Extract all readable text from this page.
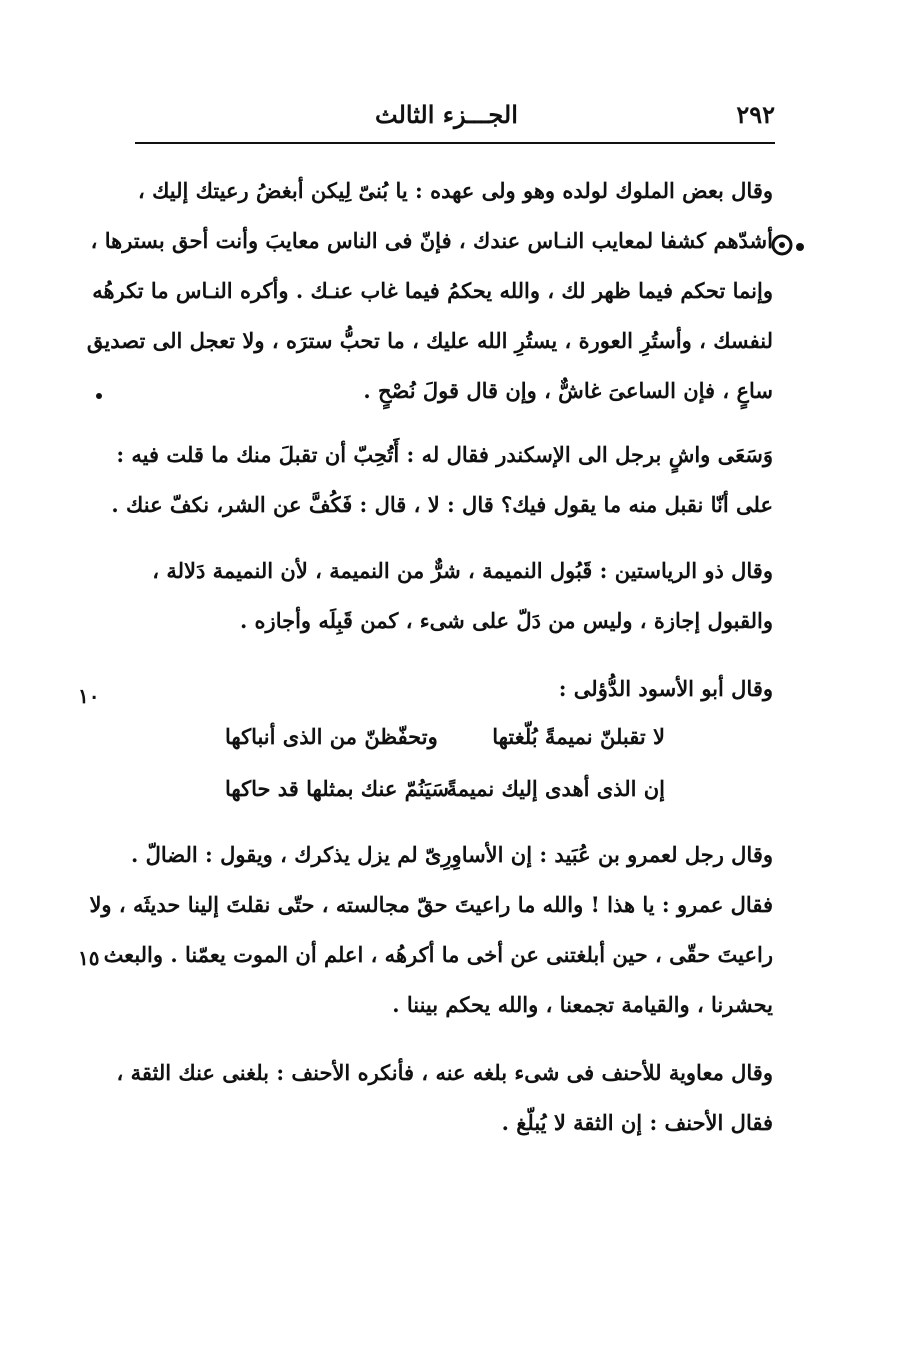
٢٩٢
الجـــزء الثالث
وقال بعض الملوك لولده وهو ولى عهده : يا بُنىّ لِيكن أبغضُ رعيتك إليك ،
أشدّهم كشفا لمعايب النـاس عندك ، فإنّ فى الناس معايبَ وأنت أحق بسترها ،
وإنما تحكم فيما ظهر لك ، والله يحكمُ فيما غاب عنـك . وأكره النـاس ما تكرهُه
لنفسك ، وأستُرِ العورة ، يستُرِ الله عليك ، ما تحبُّ سترَه ، ولا تعجل الى تصديق
ساعٍ ، فإن الساعىَ غاشٌّ ، وإن قال قولَ نُصْحٍ .
وَسَعَى واشٍ برجل الى الإسكندر فقال له : أَتُحِبّ أن تقبلَ منك ما قلت فيه :
على أنّا نقبل منه ما يقول فيك؟ قال : لا ، قال : فَكُفَّ عن الشر، نكفّ عنك .
وقال ذو الرياستين : قَبُول النميمة ، شرٌّ من النميمة ، لأن النميمة دَلالة ،
والقبول إجازة ، وليس من دَلّ على شىء ، كمن قَبِلَه وأجازه .
وقال أبو الأسود الدُّؤلى :
١٠
لا تقبلنّ نميمةً بُلّغتها
وتحفّظنّ من الذى أنباكها
إن الذى أهدى إليك نميمةً
سَيَنُمّ عنك بمثلها قد حاكها
وقال رجل لعمرو بن عُبَيد : إن الأساوِرِىّ لم يزل يذكرك ، ويقول : الضالّ .
فقال عمرو : يا هذا ! والله ما راعيتَ حقّ مجالسته ، حتّى نقلتَ إلينا حديثَه ، ولا
راعيتَ حقّى ، حين أبلغتنى عن أخى ما أكرهُه ، اعلم أن الموت يعمّنا . والبعث
١٥
يحشرنا ، والقيامة تجمعنا ، والله يحكم بيننا .
وقال معاوية للأحنف فى شىء بلغه عنه ، فأنكره الأحنف : بلغنى عنك الثقة ،
فقال الأحنف : إن الثقة لا يُبلّغ .
